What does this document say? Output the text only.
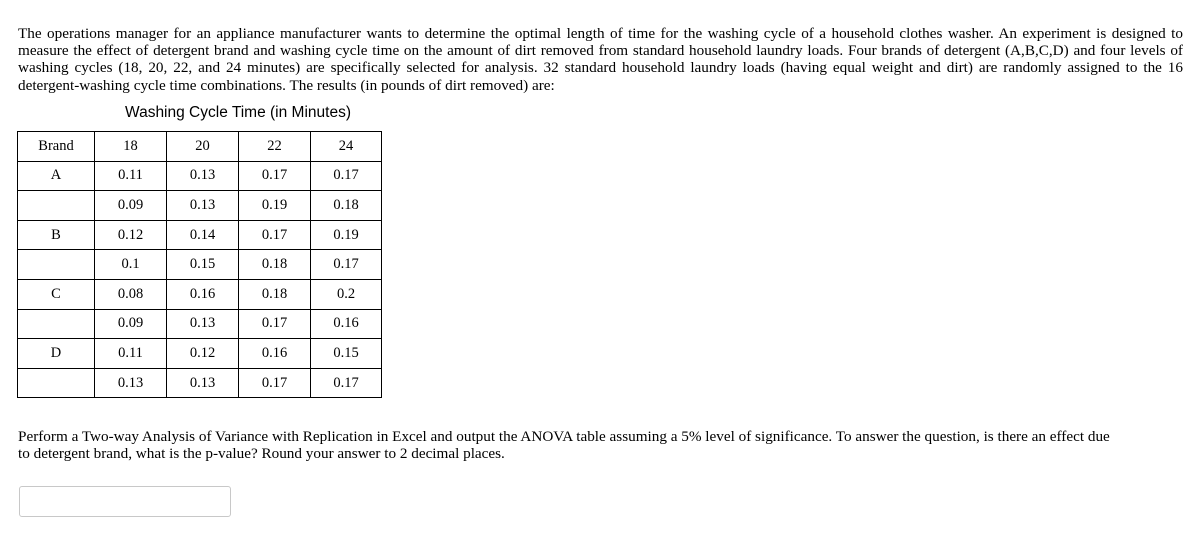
The operations manager for an appliance manufacturer wants to determine the optimal length of time for the washing cycle of a household clothes washer. An experiment is designed to measure the effect of detergent brand and washing cycle time on the amount of dirt removed from standard household laundry loads. Four brands of detergent (A,B,C,D) and four levels of washing cycles (18, 20, 22, and 24 minutes) are specifically selected for analysis. 32 standard household laundry loads (having equal weight and dirt) are randomly assigned to the 16 detergent-washing cycle time combinations. The results (in pounds of dirt removed) are:
Washing Cycle Time (in Minutes)
Brand	18	20	22	24
A	0.11	0.13	0.17	0.17
	0.09	0.13	0.19	0.18
B	0.12	0.14	0.17	0.19
	0.1	0.15	0.18	0.17
C	0.08	0.16	0.18	0.2
	0.09	0.13	0.17	0.16
D	0.11	0.12	0.16	0.15
	0.13	0.13	0.17	0.17
Perform a Two-way Analysis of Variance with Replication in Excel and output the ANOVA table assuming a 5% level of significance. To answer the question, is there an effect due to detergent brand, what is the p-value? Round your answer to 2 decimal places.
